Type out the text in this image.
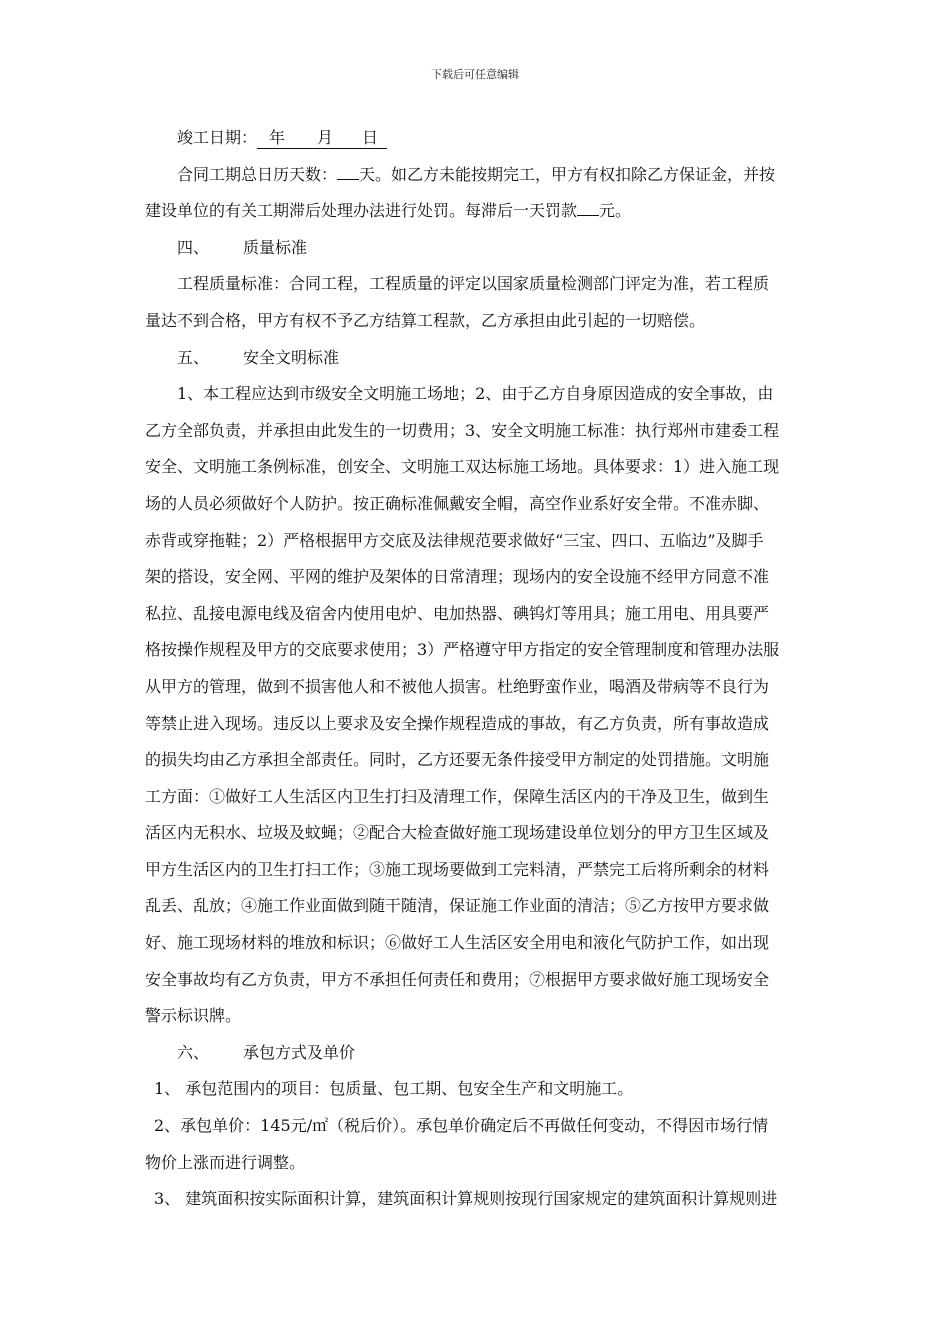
下载后可任意编辑
竣工日期： 年 月 日
合同工期总日历天数： 天。如乙方未能按期完工，甲方有权扣除乙方保证金，并按
建设单位的有关工期滞后处理办法进行处罚。每滞后一天罚款 元。
四、 质量标准
工程质量标准：合同工程，工程质量的评定以国家质量检测部门评定为准，若工程质
量达不到合格，甲方有权不予乙方结算工程款，乙方承担由此引起的一切赔偿。
五、 安全文明标准
1、本工程应达到市级安全文明施工场地；2、由于乙方自身原因造成的安全事故，由
乙方全部负责，并承担由此发生的一切费用；3、安全文明施工标准：执行郑州市建委工程
安全、文明施工条例标准，创安全、文明施工双达标施工场地。具体要求：1）进入施工现
场的人员必须做好个人防护。按正确标准佩戴安全帽，高空作业系好安全带。不准赤脚、
赤背或穿拖鞋；2）严格根据甲方交底及法律规范要求做好“三宝、四口、五临边”及脚手
架的搭设，安全网、平网的维护及架体的日常清理；现场内的安全设施不经甲方同意不准
私拉、乱接电源电线及宿舍内使用电炉、电加热器、碘钨灯等用具；施工用电、用具要严
格按操作规程及甲方的交底要求使用；3）严格遵守甲方指定的安全管理制度和管理办法服
从甲方的管理，做到不损害他人和不被他人损害。杜绝野蛮作业，喝酒及带病等不良行为
等禁止进入现场。违反以上要求及安全操作规程造成的事故，有乙方负责，所有事故造成
的损失均由乙方承担全部责任。同时，乙方还要无条件接受甲方制定的处罚措施。文明施
工方面：①做好工人生活区内卫生打扫及清理工作，保障生活区内的干净及卫生，做到生
活区内无积水、垃圾及蚊蝇；②配合大检查做好施工现场建设单位划分的甲方卫生区域及
甲方生活区内的卫生打扫工作；③施工现场要做到工完料清，严禁完工后将所剩余的材料
乱丢、乱放；④施工作业面做到随干随清，保证施工作业面的清洁；⑤乙方按甲方要求做
好、施工现场材料的堆放和标识；⑥做好工人生活区安全用电和液化气防护工作，如出现
安全事故均有乙方负责，甲方不承担任何责任和费用；⑦根据甲方要求做好施工现场安全
警示标识牌。
六、 承包方式及单价
1、 承包范围内的项目：包质量、包工期、包安全生产和文明施工。
2、承包单价：145元/㎡（税后价）。承包单价确定后不再做任何变动，不得因市场行情
物价上涨而进行调整。
3、 建筑面积按实际面积计算，建筑面积计算规则按现行国家规定的建筑面积计算规则进
